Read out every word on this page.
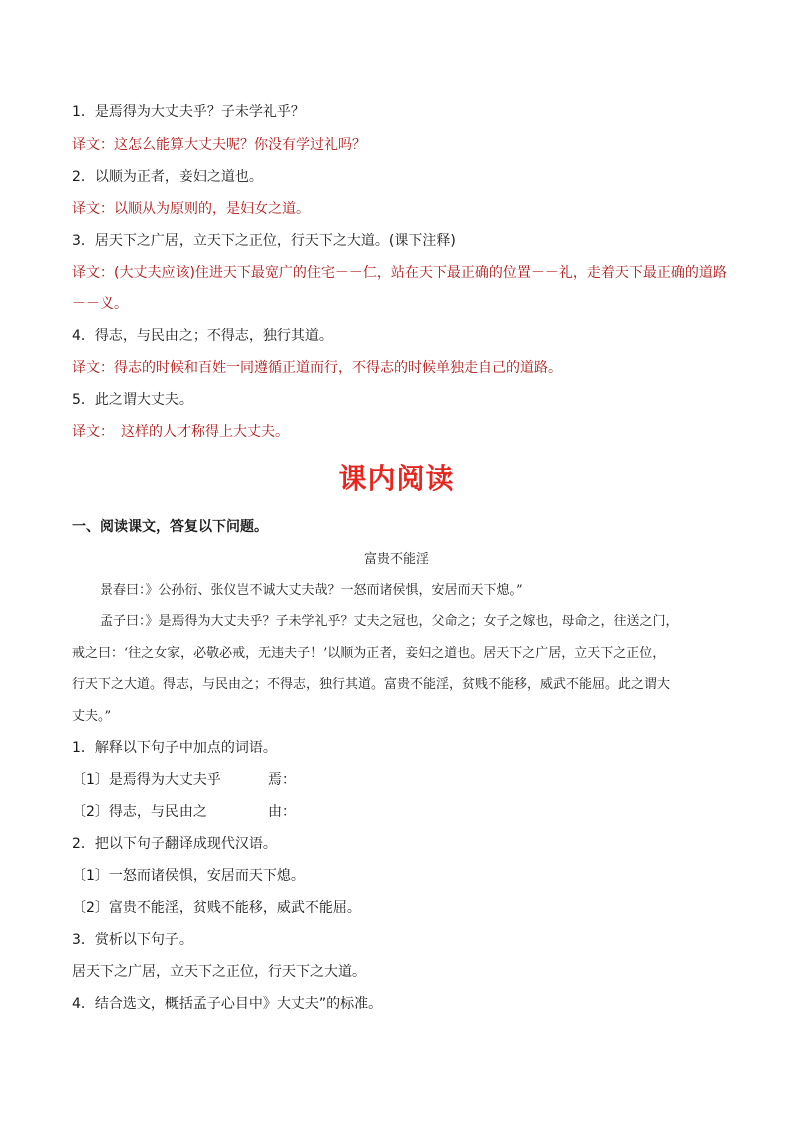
1．是焉得为大丈夫乎？子未学礼乎？
译文：这怎么能算大丈夫呢？你没有学过礼吗？
2．以顺为正者，妾妇之道也。
译文：以顺从为原则的，是妇女之道。
3．居天下之广居，立天下之正位，行天下之大道。(课下注释)
译文：(大丈夫应该)住进天下最宽广的住宅－－仁，站在天下最正确的位置－－礼，走着天下最正确的道路
－－义。
4．得志，与民由之；不得志，独行其道。
译文：得志的时候和百姓一同遵循正道而行，不得志的时候单独走自己的道路。
5．此之谓大丈夫。
译文：　这样的人才称得上大丈夫。
课内阅读
一、阅读课文，答复以下问题。
富贵不能淫
景春曰：》公孙衍、张仪岂不诚大丈夫哉？一怒而诸侯惧，安居而天下熄。”
孟子曰：》是焉得为大丈夫乎？子未学礼乎？丈夫之冠也，父命之；女子之嫁也，母命之，往送之门，
戒之曰：‘往之女家，必敬必戒，无违夫子！’以顺为正者，妾妇之道也。居天下之广居，立天下之正位，
行天下之大道。得志，与民由之；不得志，独行其道。富贵不能淫，贫贱不能移，威武不能屈。此之谓大
丈夫。”
1．解释以下句子中加点的词语。
〔1〕是焉得为大丈夫乎	焉：
〔2〕得志，与民由之	由：
2．把以下句子翻译成现代汉语。
〔1〕一怒而诸侯惧，安居而天下熄。
〔2〕富贵不能淫，贫贱不能移，威武不能屈。
3．赏析以下句子。
居天下之广居，立天下之正位，行天下之大道。
4．结合选文，概括孟子心目中》大丈夫”的标准。
